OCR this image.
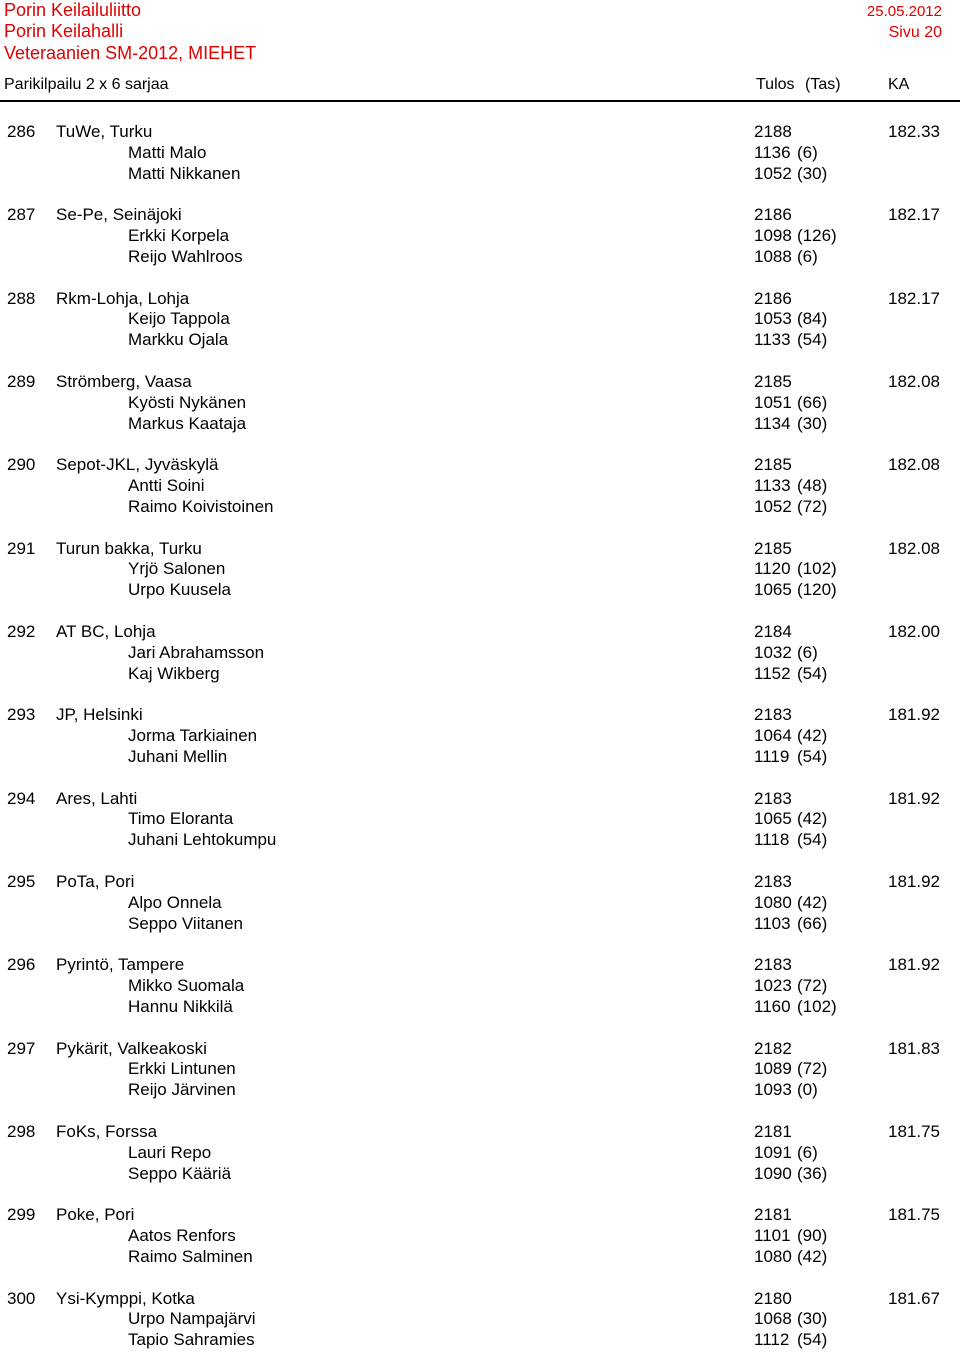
Porin Keilailuliitto
Porin Keilahalli
Veteraanien SM-2012, MIEHET
25.05.2012
Sivu 20
Parikilpailu 2 x 6 sarjaa	Tulos (Tas)	KA
286 TuWe, Turku	2188	182.33
Matti Malo	1136 (6)
Matti Nikkanen	1052 (30)
287 Se-Pe, Seinäjoki	2186	182.17
Erkki Korpela	1098 (126)
Reijo Wahlroos	1088 (6)
288 Rkm-Lohja, Lohja	2186	182.17
Keijo Tappola	1053 (84)
Markku Ojala	1133 (54)
289 Strömberg, Vaasa	2185	182.08
Kyösti Nykänen	1051 (66)
Markus Kaataja	1134 (30)
290 Sepot-JKL, Jyväskylä	2185	182.08
Antti Soini	1133 (48)
Raimo Koivistoinen	1052 (72)
291 Turun bakka, Turku	2185	182.08
Yrjö Salonen	1120 (102)
Urpo Kuusela	1065 (120)
292 AT BC, Lohja	2184	182.00
Jari Abrahamsson	1032 (6)
Kaj Wikberg	1152 (54)
293 JP, Helsinki	2183	181.92
Jorma Tarkiainen	1064 (42)
Juhani Mellin	1119 (54)
294 Ares, Lahti	2183	181.92
Timo Eloranta	1065 (42)
Juhani Lehtokumpu	1118 (54)
295 PoTa, Pori	2183	181.92
Alpo Onnela	1080 (42)
Seppo Viitanen	1103 (66)
296 Pyrintö, Tampere	2183	181.92
Mikko Suomala	1023 (72)
Hannu Nikkilä	1160 (102)
297 Pykärit, Valkeakoski	2182	181.83
Erkki Lintunen	1089 (72)
Reijo Järvinen	1093 (0)
298 FoKs, Forssa	2181	181.75
Lauri Repo	1091 (6)
Seppo Kääriä	1090 (36)
299 Poke, Pori	2181	181.75
Aatos Renfors	1101 (90)
Raimo Salminen	1080 (42)
300 Ysi-Kymppi, Kotka	2180	181.67
Urpo Nampajärvi	1068 (30)
Tapio Sahramies	1112 (54)
